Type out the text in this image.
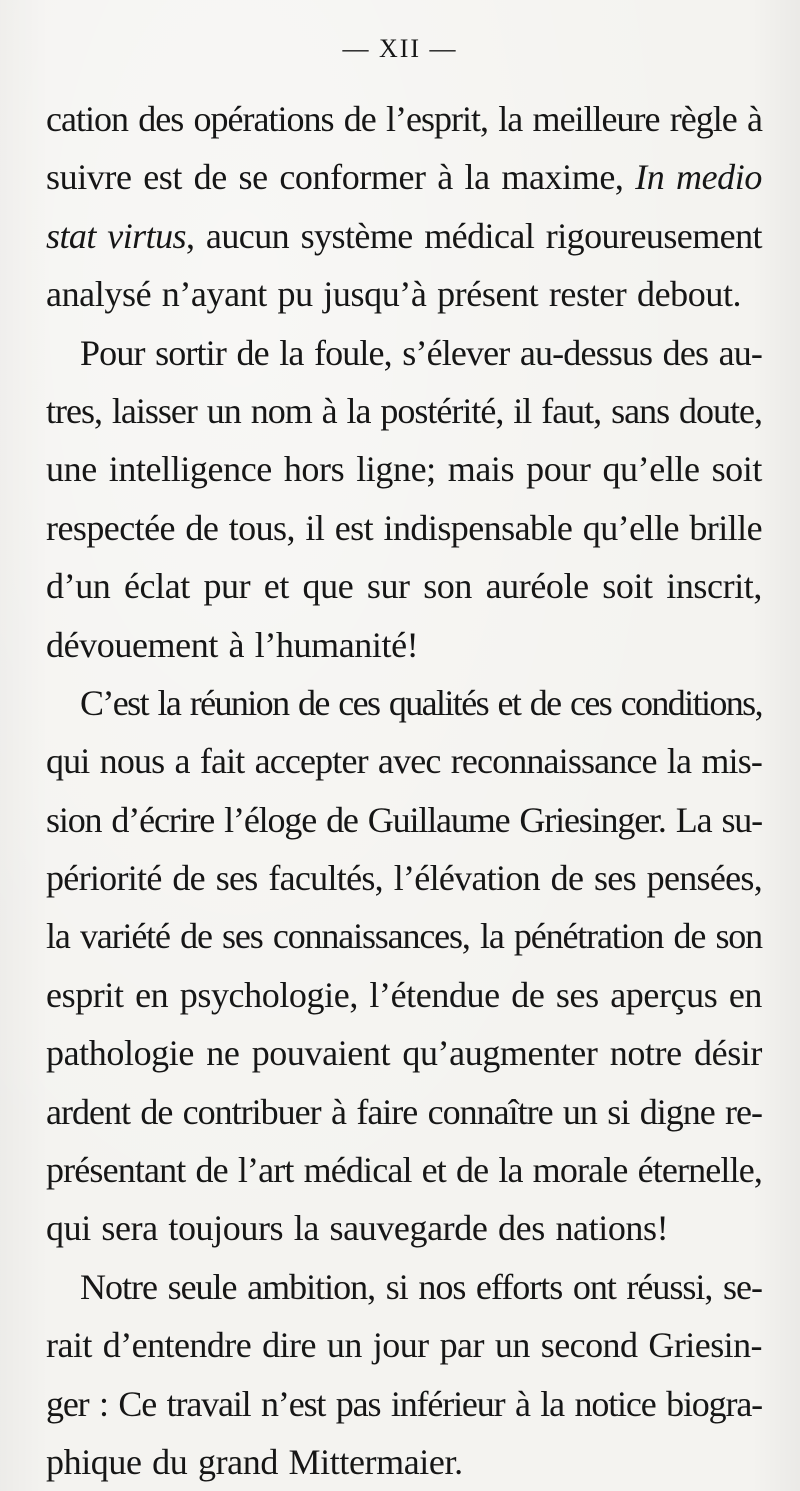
— XII —
cation des opérations de l’esprit, la meilleure règle à
suivre est de se conformer à la maxime, In medio
stat virtus, aucun système médical rigoureusement
analysé n’ayant pu jusqu’à présent rester debout.
Pour sortir de la foule, s’élever au-dessus des au-
tres, laisser un nom à la postérité, il faut, sans doute,
une intelligence hors ligne; mais pour qu’elle soit
respectée de tous, il est indispensable qu’elle brille
d’un éclat pur et que sur son auréole soit inscrit,
dévouement à l’humanité!
C’est la réunion de ces qualités et de ces conditions,
qui nous a fait accepter avec reconnaissance la mis-
sion d’écrire l’éloge de Guillaume Griesinger. La su-
périorité de ses facultés, l’élévation de ses pensées,
la variété de ses connaissances, la pénétration de son
esprit en psychologie, l’étendue de ses aperçus en
pathologie ne pouvaient qu’augmenter notre désir
ardent de contribuer à faire connaître un si digne re-
présentant de l’art médical et de la morale éternelle,
qui sera toujours la sauvegarde des nations!
Notre seule ambition, si nos efforts ont réussi, se-
rait d’entendre dire un jour par un second Griesin-
ger : Ce travail n’est pas inférieur à la notice biogra-
phique du grand Mittermaier.
